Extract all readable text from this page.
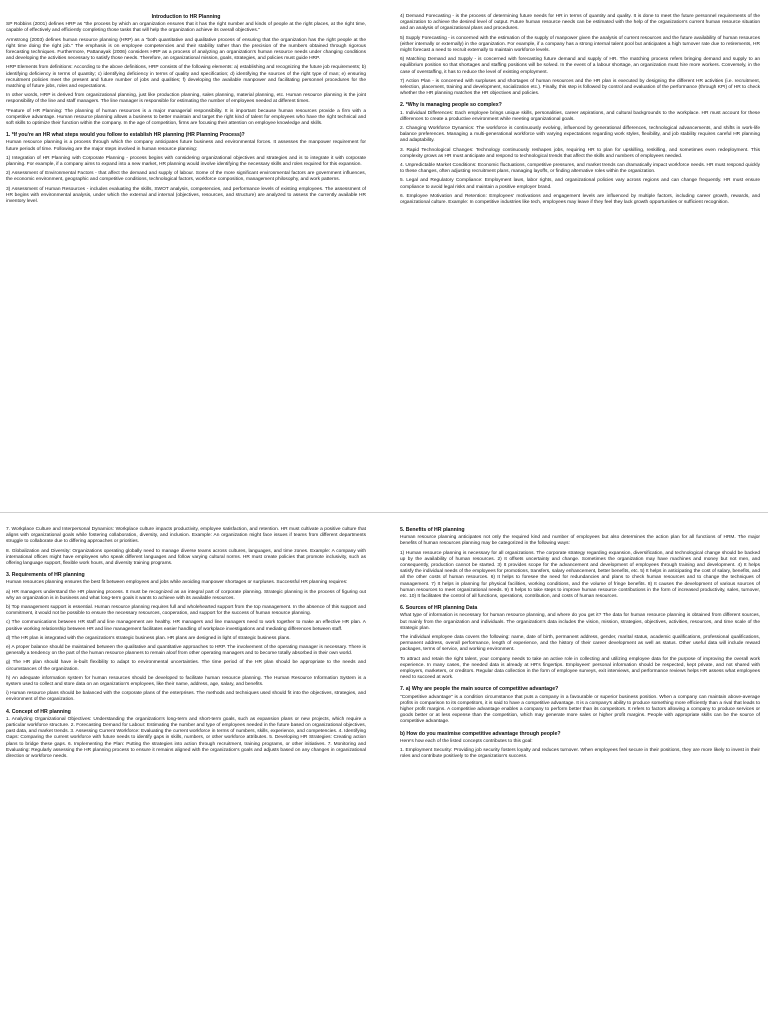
Introduction to HR Planning

SP Robbins (2001) defines HRP as "the process by which an organization ensures that it has the right number and kinds of people at the right places, at the right time, capable of effectively and efficiently completing those tasks that will help the organization achieve its overall objectives."

Armstrong (2003) defines human resource planning (HRP) as a "both quantitative and qualitative process of ensuring that the organization has the right people at the right time doing the right job." The emphasis is on employee competencies and their stability rather than the precision of the numbers obtained through rigorous forecasting techniques. Furthermore, Pattanayak (2006) considers HRP as a process of analyzing an organization's human resource needs under changing conditions and developing the activities necessary to satisfy those needs. Therefore, an organizational mission, goals, strategies, and policies must guide HRP.

HRP Elements from definitions: According to the above definitions, HRP consists of the following elements: a) establishing and recognizing the future job requirements; b) identifying deficiency in terms of quantity; c) identifying deficiency in terms of quality and specification; d) identifying the sources of the right type of man; e) ensuring recruitment policies meet the present and future number of jobs and qualities; f) developing the available manpower and facilitating personnel procedures for the matching of future jobs, roles and expectations.

In other words, HRP is derived from organizational planning, just like production planning, sales planning, material planning, etc. Human resource planning is the joint responsibility of the line and staff managers. The line manager is responsible for estimating the number of employees needed at different times.

*Feature of HR Planning: The planning of human resources is a major managerial responsibility. It is important because human resources provide a firm with a competitive advantage. Human resource planning allows a business to better maintain and target the right kind of talent for employees who have the right technical and soft skills to optimize their function within the company. In the age of competition, firms are focusing their attention on employee knowledge and skills.

1. *If you're an HR what steps would you follow to establish HR planning (HR Planning Process)?

Human resource planning is a process through which the company anticipates future business and environmental forces. It assesses the manpower requirement for future periods of time. Following are the major steps involved in human resource planning:

1) Integration of HR Planning with Corporate Planning - process begins with considering organizational objectives and strategies and is to integrate it with corporate planning. For example, if a company aims to expand into a new market, HR planning would involve identifying the necessary skills and roles required for this expansion.

2) Assessment of Environmental Factors - that affect the demand and supply of labour. Some of the more significant environmental factors are government influences, the economic environment, geographic and competitive conditions, technological factors, workforce composition, management philosophy, and work patterns.

3) Assessment of Human Resources - includes evaluating the skills, SWOT analysis, competencies, and performance levels of existing employees. The assessment of HR begins with environmental analysis, under which the external and internal (objectives, resources, and structure) are analyzed to assess the currently available HR inventory level.

4) Demand Forecasting - is the process of determining future needs for HR in terms of quantity and quality. It is done to meet the future personnel requirements of the organization to achieve the desired level of output. Future human resource needs can be estimated with the help of the organization's current human resource situation and an analysis of organizational plans and procedures.

5) Supply Forecasting - is concerned with the estimation of the supply of manpower given the analysis of current resources and the future availability of human resources (either internally or externally) in the organization. For example, if a company has a strong internal talent pool but anticipates a high turnover rate due to retirements, HR might forecast a need to recruit externally to maintain workforce levels.

6) Matching Demand and Supply - is concerned with forecasting future demand and supply of HR. The matching process refers bringing demand and supply to an equilibrium position so that shortages and staffing positions will be solved. In the event of a labour shortage, an organization must hire more workers. Conversely, in the case of overstaffing, it has to reduce the level of existing employment.

7) Action Plan - is concerned with surpluses and shortages of human resources and the HR plan is executed by designing the different HR activities (i.e. recruitment, selection, placement, training and development, socialization etc.). Finally, this step is followed by control and evaluation of the performance (through KPI) of HR to check whether the HR planning matches the HR objectives and policies.

2. *Why is managing people so complex?

1. Individual Differences: Each employee brings unique skills, personalities, career aspirations, and cultural backgrounds to the workplace. HR must account for these differences to create a productive environment while meeting organizational goals.

2. Changing Workforce Dynamics: The workforce is continuously evolving, influenced by generational differences, technological advancements, and shifts in work-life balance preferences. Managing a multi-generational workforce with varying expectations regarding work styles, flexibility, and job stability requires careful HR planning and adaptability.

3. Rapid Technological Changes: Technology continuously reshapes jobs, requiring HR to plan for upskilling, reskilling, and sometimes even redeployment. This complexity grows as HR must anticipate and respond to technological trends that affect the skills and numbers of employees needed.

4. Unpredictable Market Conditions: Economic fluctuations, competitive pressures, and market trends can dramatically impact workforce needs. HR must respond quickly to these changes, often adjusting recruitment plans, managing layoffs, or finding alternative roles within the organization.

5. Legal and Regulatory Compliance: Employment laws, labor rights, and organizational policies vary across regions and can change frequently. HR must ensure compliance to avoid legal risks and maintain a positive employer brand.

6. Employee Motivation and Retention: Employees' motivations and engagement levels are influenced by multiple factors, including career growth, rewards, and organizational culture. Example: In competitive industries like tech, employees may leave if they feel they lack growth opportunities or sufficient recognition.

7. Workplace Culture and Interpersonal Dynamics: Workplace culture impacts productivity, employee satisfaction, and retention. HR must cultivate a positive culture that aligns with organizational goals while fostering collaboration, diversity, and inclusion. Example: An organization might face issues if teams from different departments struggle to collaborate due to differing approaches or priorities.

8. Globalization and Diversity: Organizations operating globally need to manage diverse teams across cultures, languages, and time zones. Example: A company with international offices might have employees who speak different languages and follow varying cultural norms. HR must create policies that promote inclusivity, such as offering language support, flexible work hours, and diversity training programs.

3. Requirements of HR planning

Human resources planning ensures the best fit between employees and jobs while avoiding manpower shortages or surpluses. Successful HR planning requires:

a) HR managers understand the HR planning process. It must be recognized as an integral part of corporate planning. Strategic planning is the process of figuring out why an organization is in business and what long-term goals it wants to achieve with its available resources.

b) Top management support is essential. Human resource planning requires full and wholehearted support from the top management. In the absence of this support and commitment, it would not be possible to ensure the necessary resources, cooperation, and support for the success of human resource planning.

c) The communications between HR staff and line management are healthy. HR managers and line managers need to work together to make an effective HR plan. A positive working relationship between HR and line management facilitates easier handling of workplace investigations and mediating differences between staff.

d) The HR plan is integrated with the organization's strategic business plan. HR plans are designed in light of strategic business plans.

e) A proper balance should be maintained between the qualitative and quantitative approaches to HRP. The involvement of the operating manager is necessary. There is generally a tendency on the part of the human resource planners to remain aloof from other operating managers and to become totally absorbed in their own world.

g) The HR plan should have in-built flexibility to adapt to environmental uncertainties. The time period of the HR plan should be appropriate to the needs and circumstances of the organization.

h) An adequate information system for human resources should be developed to facilitate human resource planning. The Human Resource Information System is a system used to collect and store data on an organization's employees, like their name, address, age, salary, and benefits.

i) Human resource plans should be balanced with the corporate plans of the enterprises. The methods and techniques used should fit into the objectives, strategies, and environment of the organization.

4. Concept of HR planning

1. Analyzing Organizational Objectives: Understanding the organization's long-term and short-term goals, such as expansion plans or new projects, which require a particular workforce structure. 2. Forecasting Demand for Labour: Estimating the number and type of employees needed in the future based on organizational objectives, past data, and market trends. 3. Assessing Current Workforce: Evaluating the current workforce in terms of numbers, skills, experience, and competencies. 4. Identifying Gaps: Comparing the current workforce with future needs to identify gaps in skills, numbers, or other workforce attributes. 5. Developing HR Strategies: Creating action plans to bridge these gaps. 6. Implementing the Plan: Putting the strategies into action through recruitment, training programs, or other initiatives. 7. Monitoring and Evaluating: Regularly assessing the HR planning process to ensure it remains aligned with the organization's goals and adjusts based on any changes in organizational direction or workforce needs.

5. Benefits of HR planning

Human resource planning anticipates not only the required kind and number of employees but also determines the action plan for all functions of HRM. The major benefits of human resources planning may be categorized in the following ways:

1) Human resource planning is necessary for all organizations. The corporate strategy regarding expansion, diversification, and technological change should be backed up by the availability of human resources. 2) It offsets uncertainty and change. Sometimes the organization may have machines and money but not men, and consequently, production cannot be started. 3) It provides scope for the advancement and development of employees through training and development. 4) It helps satisfy the individual needs of the employees for promotions, transfers, salary enhancement, better benefits, etc. 5) It helps in anticipating the cost of salary, benefits, and all the other costs of human resources. 6) It helps to foresee the need for redundancies and plans to check human resources and to change the techniques of management. 7) It helps in planning for physical facilities, working conditions, and the volume of fringe benefits. 8) It causes the development of various sources of human resources to meet organizational needs. 9) It helps to take steps to improve human resource contributions in the form of increased productivity, sales, turnover, etc. 10) It facilitates the control of all functions, operations, contribution, and costs of human resources.

6. Sources of HR planning Data

What type of information is necessary for human resource planning, and where do you get it? The data for human resource planning is obtained from different sources, but mainly from the organization and individuals. The organization's data includes the vision, mission, strategies, objectives, activities, resources, and time scale of the strategic plan.

The individual employee data covers the following: name, date of birth, permanent address, gender, marital status, academic qualifications, professional qualifications, permanent address, overall performance, length of experience, and the history of their career development as well as status. Other useful data will include reward packages, terms of service, and working environment.

To attract and retain the right talent, your company needs to take an active role in collecting and utilizing employee data for the purpose of improving the overall work experience. In many cases, the needed data is already at HR's fingertips. Employees' personal information should be respected, kept private, and not shared with employers, marketers, or creditors. Regular data collection in the form of employee surveys, exit interviews, and performance reviews helps HR assess what employees need to succeed at work.

7. a) Why are people the main source of competitive advantage?

"Competitive advantage" is a condition circumstance that puts a company in a favourable or superior business position. When a company can maintain above-average profits in comparison to its competitors, it is said to have a competitive advantage. It is a company's ability to produce something more efficiently than a rival that leads to higher profit margins. A competitive advantage enables a company to perform better than its competitors. It refers to factors allowing a company to produce services or goods better or at less expense than the competition, which may generate more sales or higher profit margins. People with appropriate skills can be the source of competitive advantage.

b) How do you maximise competitive advantage through people?

Here's how each of the listed concepts contributes to this goal:

1. Employment Security: Providing job security fosters loyalty and reduces turnover. When employees feel secure in their positions, they are more likely to invest in their roles and contribute positively to the organization's success.
